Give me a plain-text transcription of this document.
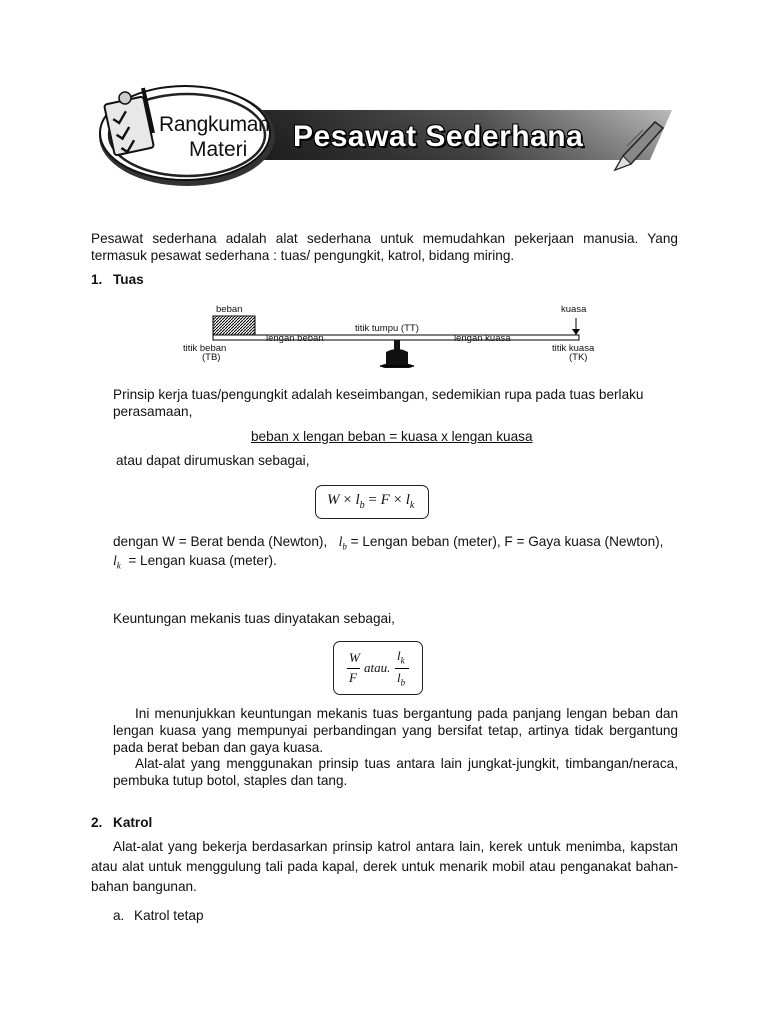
Rangkuman
Materi Pesawat Sederhana
Pesawat sederhana adalah alat sederhana untuk memudahkan pekerjaan manusia. Yang termasuk pesawat sederhana : tuas/ pengungkit, katrol, bidang miring.
1. Tuas
beban	kuasa
titik tumpu (TT)
lengan beban	lengan kuasa
titik beban
(TB)
titik kuasa
(TK)
Prinsip kerja tuas/pengungkit adalah keseimbangan, sedemikian rupa pada tuas berlaku perasamaan,
beban x lengan beban = kuasa x lengan kuasa
atau dapat dirumuskan sebagai,
$W \times l_b = F \times l_k$
dengan W = Berat benda (Newton), $l_b$ = Lengan beban (meter), F = Gaya kuasa (Newton),
$l_k$ = Lengan kuasa (meter).
Keuntungan mekanis tuas dinyatakan sebagai,
W
F
atau.
$l_k$
$l_b$
Ini menunjukkan keuntungan mekanis tuas bergantung pada panjang lengan beban dan lengan kuasa yang mempunyai perbandingan yang bersifat tetap, artinya tidak bergantung pada berat beban dan gaya kuasa.
Alat-alat yang menggunakan prinsip tuas antara lain jungkat-jungkit, timbangan/neraca, pembuka tutup botol, staples dan tang.
2. Katrol
Alat-alat yang bekerja berdasarkan prinsip katrol antara lain, kerek untuk menimba, kapstan atau alat untuk menggulung tali pada kapal, derek untuk menarik mobil atau penganakat bahan-bahan bangunan.
a. Katrol tetap
